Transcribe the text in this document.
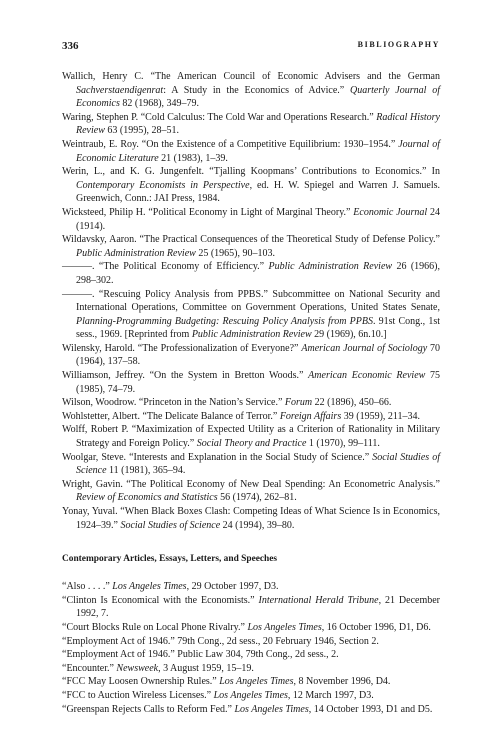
336	BIBLIOGRAPHY

Wallich, Henry C. “The American Council of Economic Advisers and the German Sachverstaendigenrat: A Study in the Economics of Advice.” Quarterly Journal of Economics 82 (1968), 349–79.

Waring, Stephen P. “Cold Calculus: The Cold War and Operations Research.” Radical History Review 63 (1995), 28–51.

Weintraub, E. Roy. “On the Existence of a Competitive Equilibrium: 1930–1954.” Journal of Economic Literature 21 (1983), 1–39.

Werin, L., and K. G. Jungenfelt. “Tjalling Koopmans’ Contributions to Economics.” In Contemporary Economists in Perspective, ed. H. W. Spiegel and Warren J. Samuels. Greenwich, Conn.: JAI Press, 1984.

Wicksteed, Philip H. “Political Economy in Light of Marginal Theory.” Economic Journal 24 (1914).

Wildavsky, Aaron. “The Practical Consequences of the Theoretical Study of Defense Policy.” Public Administration Review 25 (1965), 90–103.

———. “The Political Economy of Efficiency.” Public Administration Review 26 (1966), 298–302.

———. “Rescuing Policy Analysis from PPBS.” Subcommittee on National Security and International Operations, Committee on Government Operations, United States Senate, Planning-Programming Budgeting: Rescuing Policy Analysis from PPBS. 91st Cong., 1st sess., 1969. [Reprinted from Public Administration Review 29 (1969), 6n.10.]

Wilensky, Harold. “The Professionalization of Everyone?” American Journal of Sociology 70 (1964), 137–58.

Williamson, Jeffrey. “On the System in Bretton Woods.” American Economic Review 75 (1985), 74–79.

Wilson, Woodrow. “Princeton in the Nation’s Service.” Forum 22 (1896), 450–66.

Wohlstetter, Albert. “The Delicate Balance of Terror.” Foreign Affairs 39 (1959), 211–34.

Wolff, Robert P. “Maximization of Expected Utility as a Criterion of Rationality in Military Strategy and Foreign Policy.” Social Theory and Practice 1 (1970), 99–111.

Woolgar, Steve. “Interests and Explanation in the Social Study of Science.” Social Studies of Science 11 (1981), 365–94.

Wright, Gavin. “The Political Economy of New Deal Spending: An Econometric Analysis.” Review of Economics and Statistics 56 (1974), 262–81.

Yonay, Yuval. “When Black Boxes Clash: Competing Ideas of What Science Is in Economics, 1924–39.” Social Studies of Science 24 (1994), 39–80.

Contemporary Articles, Essays, Letters, and Speeches

“Also . . . .” Los Angeles Times, 29 October 1997, D3.

“Clinton Is Economical with the Economists.” International Herald Tribune, 21 December 1992, 7.

“Court Blocks Rule on Local Phone Rivalry.” Los Angeles Times, 16 October 1996, D1, D6.

“Employment Act of 1946.” 79th Cong., 2d sess., 20 February 1946, Section 2.

“Employment Act of 1946.” Public Law 304, 79th Cong., 2d sess., 2.

“Encounter.” Newsweek, 3 August 1959, 15–19.

“FCC May Loosen Ownership Rules.” Los Angeles Times, 8 November 1996, D4.

“FCC to Auction Wireless Licenses.” Los Angeles Times, 12 March 1997, D3.

“Greenspan Rejects Calls to Reform Fed.” Los Angeles Times, 14 October 1993, D1 and D5.
